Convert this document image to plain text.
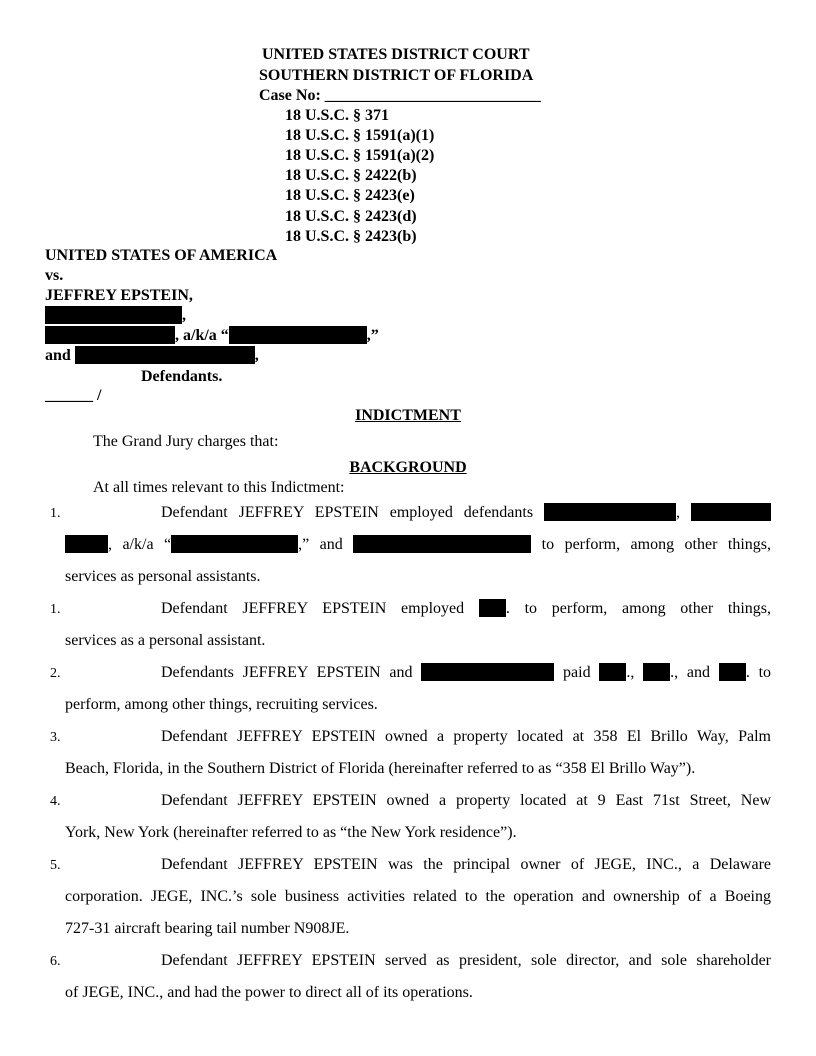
UNITED STATES DISTRICT COURT
SOUTHERN DISTRICT OF FLORIDA
Case No: ___________________________
18 U.S.C. § 371
18 U.S.C. § 1591(a)(1)
18 U.S.C. § 1591(a)(2)
18 U.S.C. § 2422(b)
18 U.S.C. § 2423(e)
18 U.S.C. § 2423(d)
18 U.S.C. § 2423(b)
UNITED STATES OF AMERICA
vs.
JEFFREY EPSTEIN,
,
, a/k/a “	,”
and	,
Defendants.
______ /
INDICTMENT
The Grand Jury charges that:
BACKGROUND
At all times relevant to this Indictment:
1.	Defendant JEFFREY EPSTEIN employed defendants	,
, a/k/a “	,” and	to perform, among other things,
services as personal assistants.
1.	Defendant JEFFREY EPSTEIN employed	. to perform, among other things,
services as a personal assistant.
2.	Defendants JEFFREY EPSTEIN and	paid ., ., and . to
perform, among other things, recruiting services.
3.	Defendant JEFFREY EPSTEIN owned a property located at 358 El Brillo Way, Palm
Beach, Florida, in the Southern District of Florida (hereinafter referred to as “358 El Brillo Way”).
4.	Defendant JEFFREY EPSTEIN owned a property located at 9 East 71st Street, New
York, New York (hereinafter referred to as “the New York residence”).
5.	Defendant JEFFREY EPSTEIN was the principal owner of JEGE, INC., a Delaware
corporation. JEGE, INC.’s sole business activities related to the operation and ownership of a Boeing
727-31 aircraft bearing tail number N908JE.
6.	Defendant JEFFREY EPSTEIN served as president, sole director, and sole shareholder
of JEGE, INC., and had the power to direct all of its operations.
